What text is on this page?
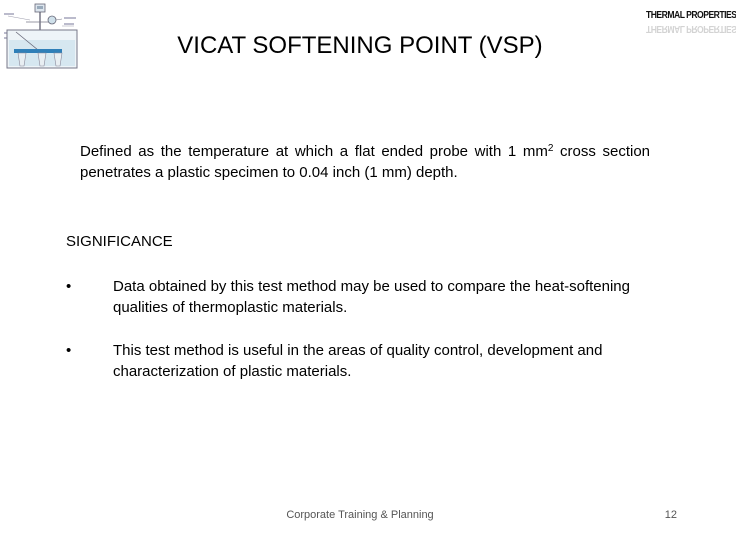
THERMAL PROPERTIES
THERMAL PROPERTIES
VICAT SOFTENING POINT (VSP)
Defined as the temperature at which a flat ended probe with 1 $mm^2$ cross section penetrates a plastic specimen to 0.04 inch (1 mm) depth.
SIGNIFICANCE
•	Data obtained by this test method may be used to compare the heat-softening qualities of thermoplastic materials.
•	This test method is useful in the areas of quality control, development and characterization of plastic materials.
Corporate Training & Planning	12
